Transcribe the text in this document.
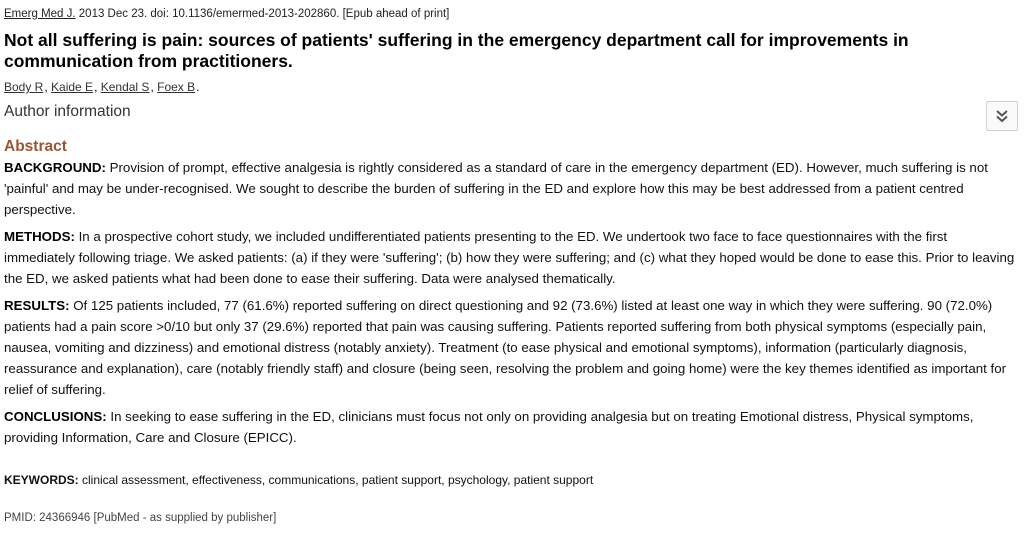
Emerg Med J. 2013 Dec 23. doi: 10.1136/emermed-2013-202860. [Epub ahead of print]
Not all suffering is pain: sources of patients' suffering in the emergency department call for improvements in communication from practitioners.
Body R, Kaide E, Kendal S, Foex B.
Author information
Abstract

BACKGROUND: Provision of prompt, effective analgesia is rightly considered as a standard of care in the emergency department (ED). However, much suffering is not 'painful' and may be under-recognised. We sought to describe the burden of suffering in the ED and explore how this may be best addressed from a patient centred perspective.

METHODS: In a prospective cohort study, we included undifferentiated patients presenting to the ED. We undertook two face to face questionnaires with the first immediately following triage. We asked patients: (a) if they were 'suffering'; (b) how they were suffering; and (c) what they hoped would be done to ease this. Prior to leaving the ED, we asked patients what had been done to ease their suffering. Data were analysed thematically.

RESULTS: Of 125 patients included, 77 (61.6%) reported suffering on direct questioning and 92 (73.6%) listed at least one way in which they were suffering. 90 (72.0%) patients had a pain score >0/10 but only 37 (29.6%) reported that pain was causing suffering. Patients reported suffering from both physical symptoms (especially pain, nausea, vomiting and dizziness) and emotional distress (notably anxiety). Treatment (to ease physical and emotional symptoms), information (particularly diagnosis, reassurance and explanation), care (notably friendly staff) and closure (being seen, resolving the problem and going home) were the key themes identified as important for relief of suffering.

CONCLUSIONS: In seeking to ease suffering in the ED, clinicians must focus not only on providing analgesia but on treating Emotional distress, Physical symptoms, providing Information, Care and Closure (EPICC).

KEYWORDS: clinical assessment, effectiveness, communications, patient support, psychology, patient support

PMID: 24366946 [PubMed - as supplied by publisher]
